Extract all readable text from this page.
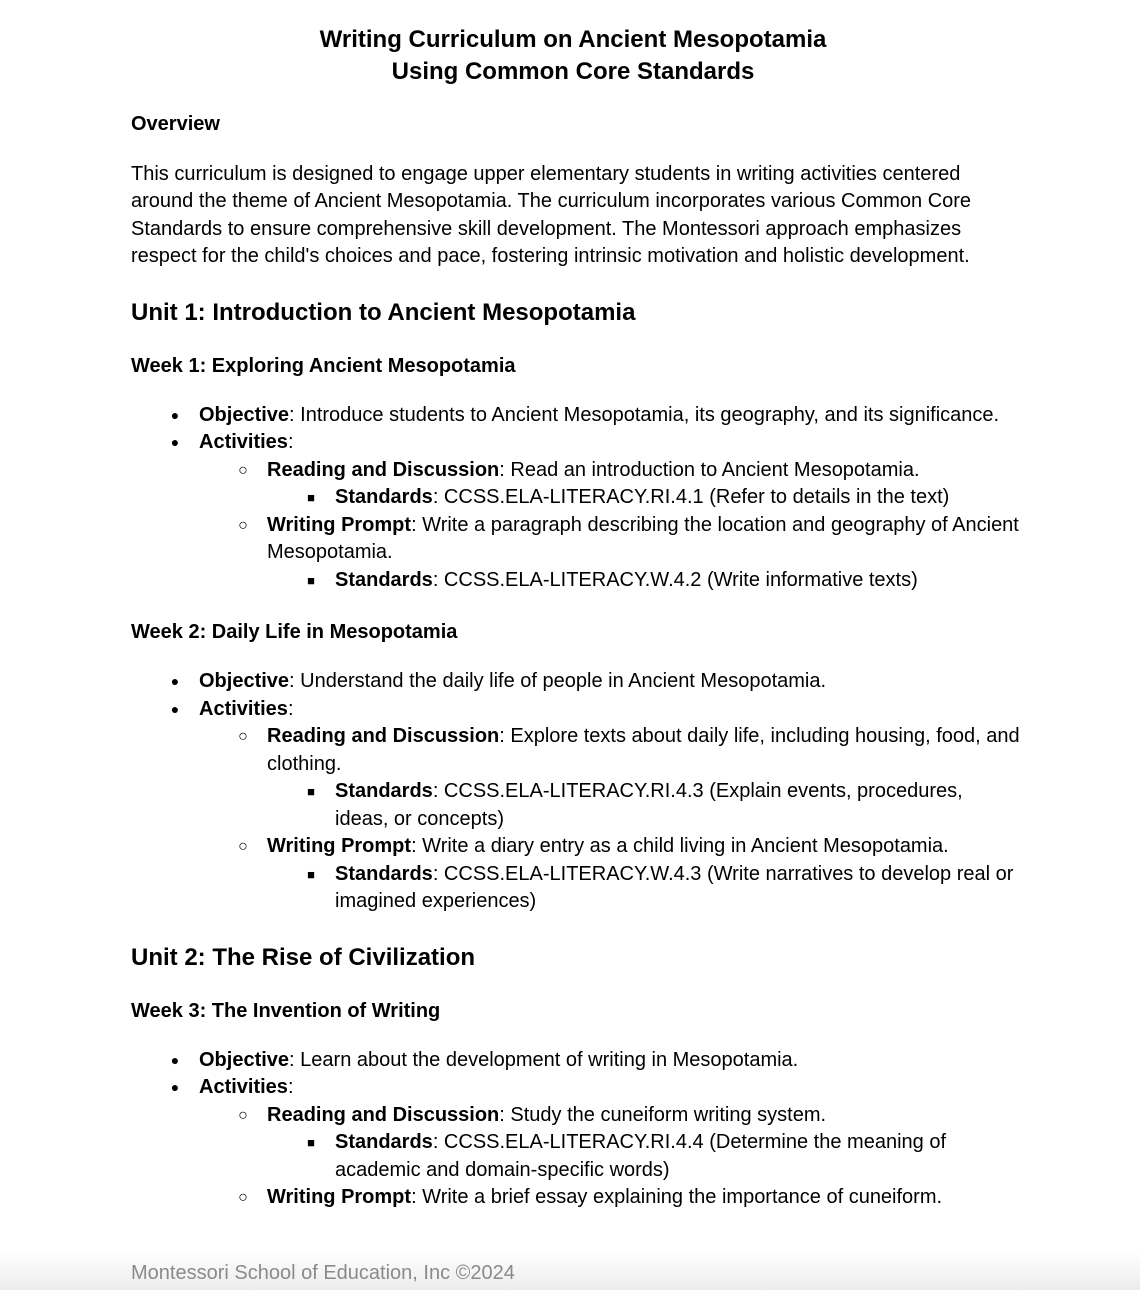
Writing Curriculum on Ancient Mesopotamia
Using Common Core Standards
Overview

This curriculum is designed to engage upper elementary students in writing activities centered around the theme of Ancient Mesopotamia. The curriculum incorporates various Common Core Standards to ensure comprehensive skill development. The Montessori approach emphasizes respect for the child's choices and pace, fostering intrinsic motivation and holistic development.

Unit 1: Introduction to Ancient Mesopotamia
Week 1: Exploring Ancient Mesopotamia
● Objective: Introduce students to Ancient Mesopotamia, its geography, and its significance.
● Activities:
○ Reading and Discussion: Read an introduction to Ancient Mesopotamia.
■	Standards: CCSS.ELA-LITERACY.RI.4.1 (Refer to details in the text)
○ Writing Prompt: Write a paragraph describing the location and geography of Ancient Mesopotamia.
■	Standards: CCSS.ELA-LITERACY.W.4.2 (Write informative texts)
Week 2: Daily Life in Mesopotamia
● Objective: Understand the daily life of people in Ancient Mesopotamia.
● Activities:
○ Reading and Discussion: Explore texts about daily life, including housing, food, and clothing.
■	Standards: CCSS.ELA-LITERACY.RI.4.3 (Explain events, procedures, ideas, or concepts)
○ Writing Prompt: Write a diary entry as a child living in Ancient Mesopotamia.
■	Standards: CCSS.ELA-LITERACY.W.4.3 (Write narratives to develop real or imagined experiences)
Unit 2: The Rise of Civilization
Week 3: The Invention of Writing
● Objective: Learn about the development of writing in Mesopotamia.
● Activities:
○ Reading and Discussion: Study the cuneiform writing system.
■	Standards: CCSS.ELA-LITERACY.RI.4.4 (Determine the meaning of academic and domain-specific words)
○ Writing Prompt: Write a brief essay explaining the importance of cuneiform.
Montessori School of Education, Inc ©2024
